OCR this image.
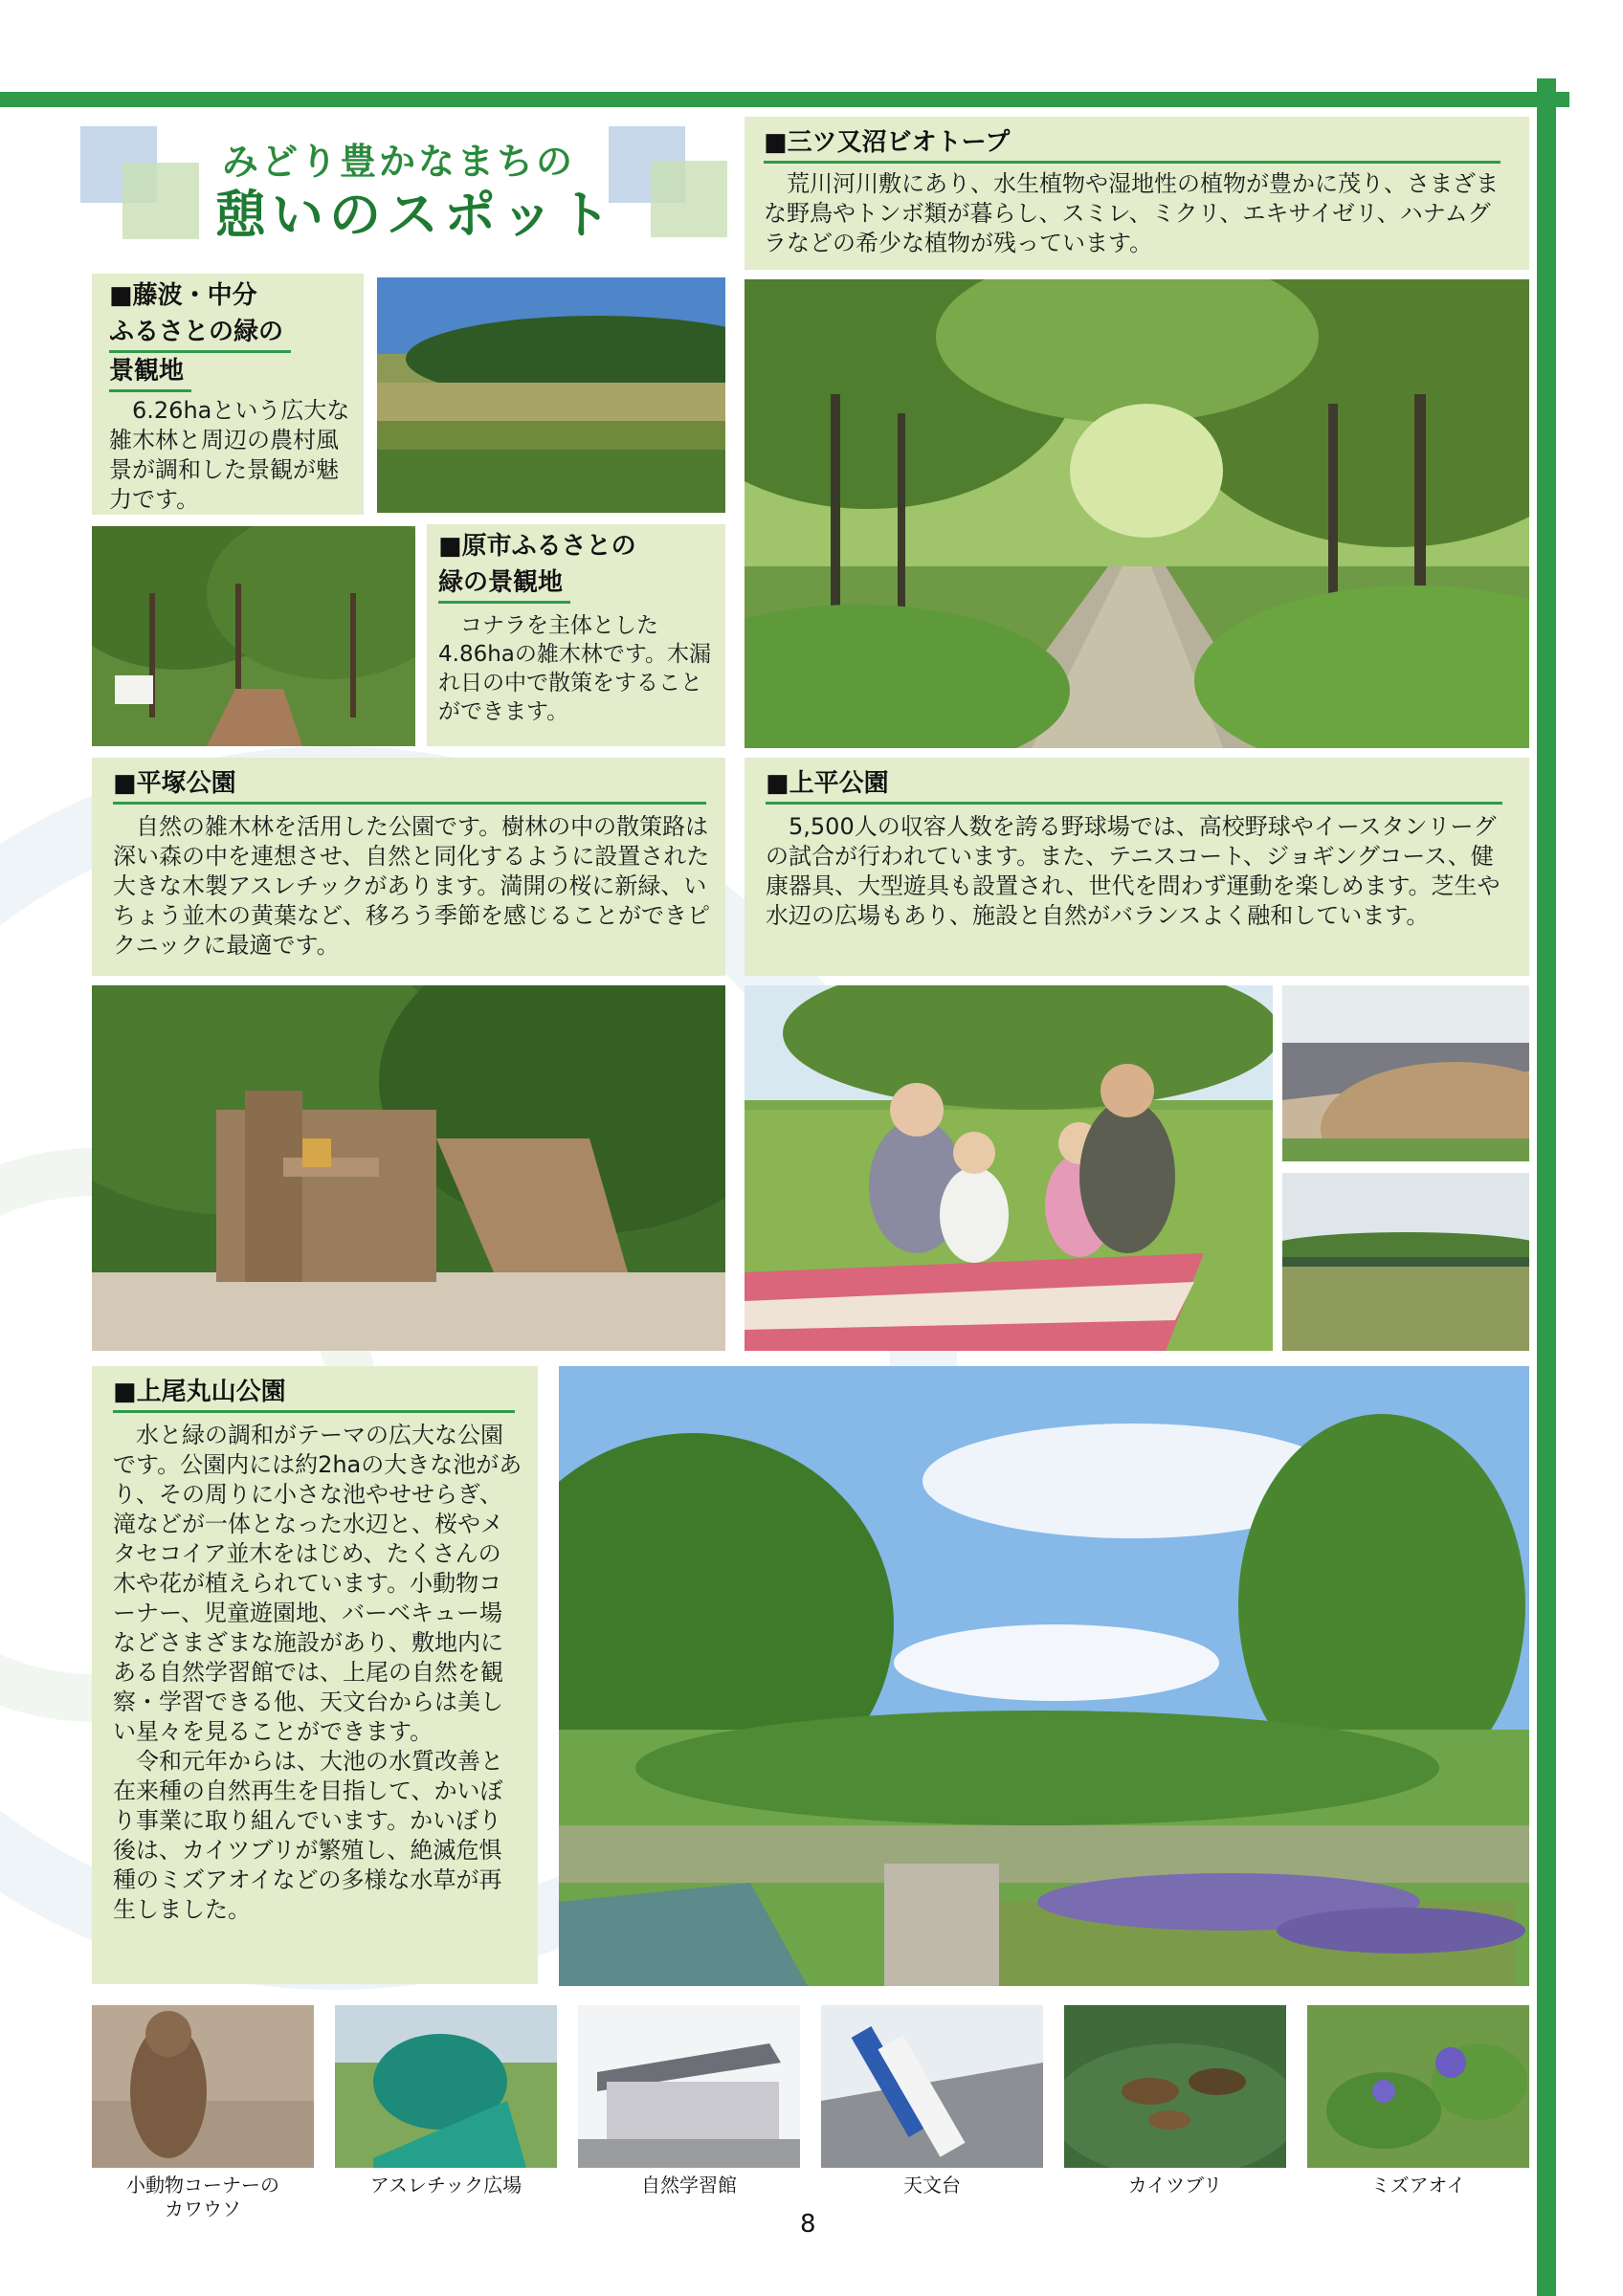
みどり豊かなまちの
憩いのスポット
■三ツ又沼ビオトープ
荒川河川敷にあり、水生植物や湿地性の植物が豊かに茂り、さまざまな野鳥やトンボ類が暮らし、スミレ、ミクリ、エキサイゼリ、ハナムグラなどの希少な植物が残っています。
■藤波・中分
ふるさとの緑の
景観地
6.26haという広大な雑木林と周辺の農村風景が調和した景観が魅力です。
■原市ふるさとの
緑の景観地
コナラを主体とした4.86haの雑木林です。木漏れ日の中で散策をすることができます。
■平塚公園
自然の雑木林を活用した公園です。樹林の中の散策路は深い森の中を連想させ、自然と同化するように設置された大きな木製アスレチックがあります。満開の桜に新緑、いちょう並木の黄葉など、移ろう季節を感じることができピクニックに最適です。
■上平公園
5,500人の収容人数を誇る野球場では、高校野球やイースタンリーグの試合が行われています。また、テニスコート、ジョギングコース、健康器具、大型遊具も設置され、世代を問わず運動を楽しめます。芝生や水辺の広場もあり、施設と自然がバランスよく融和しています。
■上尾丸山公園
水と緑の調和がテーマの広大な公園です。公園内には約2haの大きな池があり、その周りに小さな池やせせらぎ、滝などが一体となった水辺と、桜やメタセコイア並木をはじめ、たくさんの木や花が植えられています。小動物コーナー、児童遊園地、バーベキュー場などさまざまな施設があり、敷地内にある自然学習館では、上尾の自然を観察・学習できる他、天文台からは美しい星々を見ることができます。
令和元年からは、大池の水質改善と在来種の自然再生を目指して、かいぼり事業に取り組んでいます。かいぼり後は、カイツブリが繁殖し、絶滅危惧種のミズアオイなどの多様な水草が再生しました。
小動物コーナーの
カワウソ
アスレチック広場	自然学習館	天文台	カイツブリ	ミズアオイ
8
